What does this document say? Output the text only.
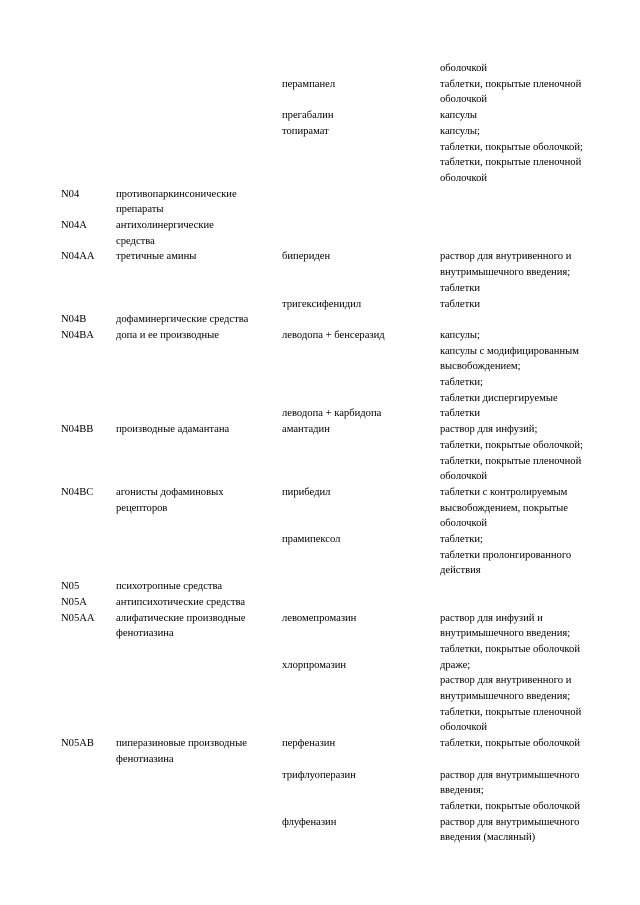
оболочкой
перампанел	таблетки, покрытые пленочной
оболочкой
прегабалин	капсулы
топирамат	капсулы;
таблетки, покрытые оболочкой;
таблетки, покрытые пленочной
оболочкой
N04	противопаркинсонические
препараты
N04A	антихолинергические
средства
N04AA	третичные амины	бипериден	раствор для внутривенного и
внутримышечного введения;
таблетки
тригексифенидил	таблетки
N04B	дофаминергические средства
N04BA	допа и ее производные	леводопа + бенсеразид	капсулы;
капсулы с модифицированным
высвобождением;
таблетки;
таблетки диспергируемые
леводопа + карбидопа	таблетки
N04BB	производные адамантана	амантадин	раствор для инфузий;
таблетки, покрытые оболочкой;
таблетки, покрытые пленочной
оболочкой
N04BC	агонисты дофаминовых
рецепторов
пирибедил	таблетки с контролируемым
высвобождением, покрытые
оболочкой
прамипексол	таблетки;
таблетки пролонгированного
действия
N05	психотропные средства
N05A	антипсихотические средства
N05AA	алифатические производные
фенотиазина
левомепромазин	раствор для инфузий и
внутримышечного введения;
таблетки, покрытые оболочкой
хлорпромазин	драже;
раствор для внутривенного и
внутримышечного введения;
таблетки, покрытые пленочной
оболочкой
N05AB	пиперазиновые производные
фенотиазина
перфеназин	таблетки, покрытые оболочкой
трифлуоперазин	раствор для внутримышечного
введения;
таблетки, покрытые оболочкой
флуфеназин	раствор для внутримышечного
введения (масляный)
